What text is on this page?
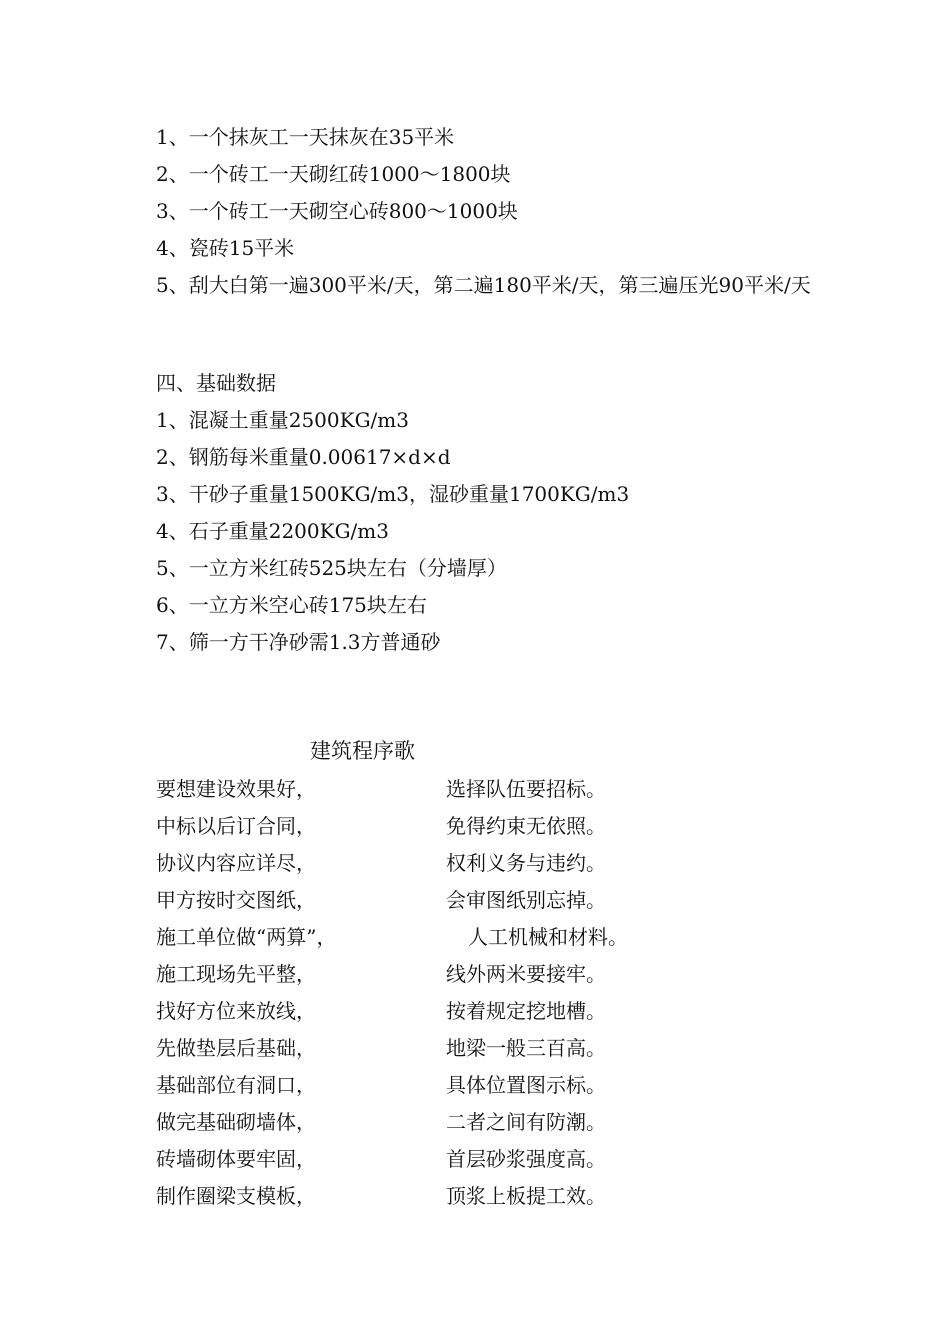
1、一个抹灰工一天抹灰在35平米
2、一个砖工一天砌红砖1000～1800块
3、一个砖工一天砌空心砖800～1000块
4、瓷砖15平米
5、刮大白第一遍300平米/天，第二遍180平米/天，第三遍压光90平米/天
四、基础数据
1、混凝土重量2500KG/m3
2、钢筋每米重量0.00617×d×d
3、干砂子重量1500KG/m3，湿砂重量1700KG/m3
4、石子重量2200KG/m3
5、一立方米红砖525块左右（分墙厚）
6、一立方米空心砖175块左右
7、筛一方干净砂需1.3方普通砂
建筑程序歌
要想建设效果好，	选择队伍要招标。
中标以后订合同，	免得约束无依照。
协议内容应详尽，	权利义务与违约。
甲方按时交图纸，	会审图纸别忘掉。
施工单位做“两算”，	人工机械和材料。
施工现场先平整，	线外两米要接牢。
找好方位来放线，	按着规定挖地槽。
先做垫层后基础，	地梁一般三百高。
基础部位有洞口，	具体位置图示标。
做完基础砌墙体，	二者之间有防潮。
砖墙砌体要牢固，	首层砂浆强度高。
制作圈梁支模板，	顶浆上板提工效。
